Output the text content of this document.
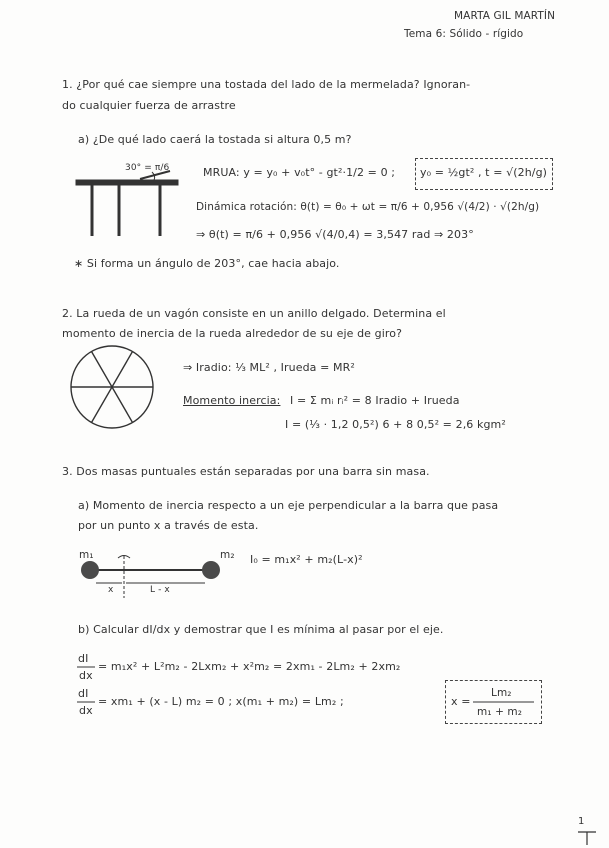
MARTA GIL MARTÍN
Tema 6: Sólido - rígido
1. ¿Por qué cae siempre una tostada del lado de la mermelada? Ignoran-
do cualquier fuerza de arrastre
a) ¿De qué lado caerá la tostada si altura 0,5 m?
30° = π/6	MRUA: y = y₀ + v₀t° - gt²·1/2 = 0 ; y₀ = ½gt² , t = √(2h/g)
Dinámica rotación: θ(t) = θ₀ + ωt = π/6 + 0,956 √(4/2) · √(2h/g)
⇒ θ(t) = π/6 + 0,956 √(4/0,4) = 3,547 rad ⇒ 203°
∗ Si forma un ángulo de 203°, cae hacia abajo.
2. La rueda de un vagón consiste en un anillo delgado. Determina el
momento de inercia de la rueda alrededor de su eje de giro?
⇒ Iradio: ⅓ ML² , Irueda = MR²
Momento inercia: I = Σ mᵢ rᵢ² = 8 Iradio + Irueda
I = (⅓ · 1,2 0,5²) 6 + 8 0,5² = 2,6 kgm²
3. Dos masas puntuales están separadas por una barra sin masa.
a) Momento de inercia respecto a un eje perpendicular a la barra que pasa
por un punto x a través de esta.
m₁	m₂
x	L - x
I₀ = m₁x² + m₂(L-x)²
b) Calcular dI/dx y demostrar que I es mínima al pasar por el eje.
dI
dx
= m₁x² + L²m₂ - 2Lxm₂ + x²m₂ = 2xm₁ - 2Lm₂ + 2xm₂
dI
dx
= xm₁ + (x - L) m₂ = 0 ; x(m₁ + m₂) = Lm₂ ;	x =
Lm₂
m₁ + m₂
1
